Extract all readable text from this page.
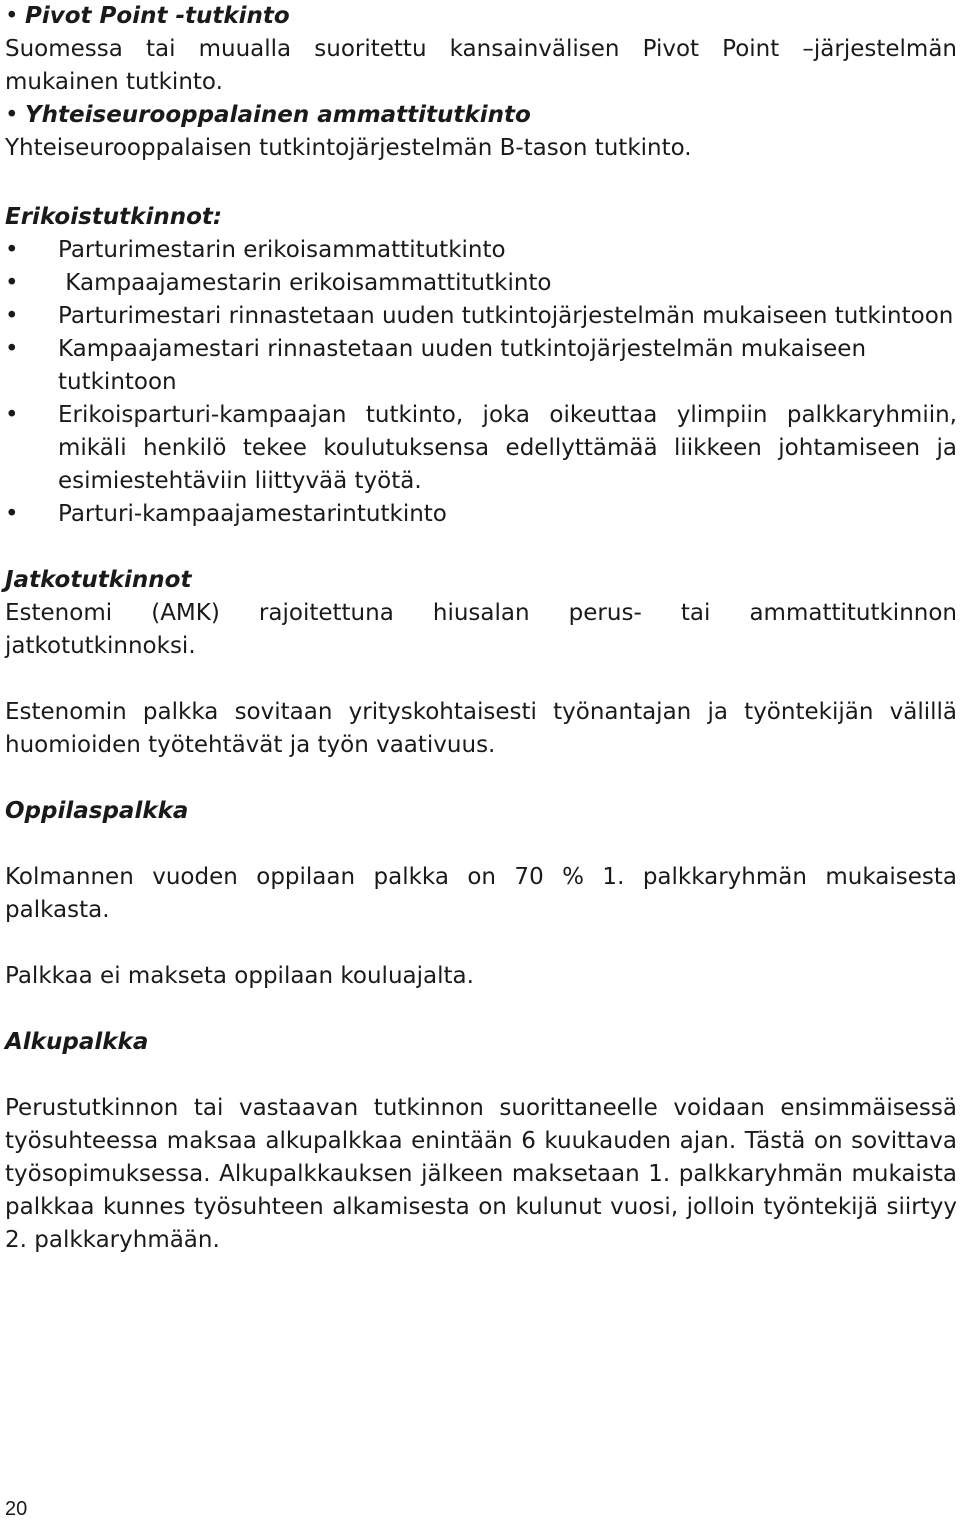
• Pivot Point -tutkinto

Suomessa tai muualla suoritettu kansainvälisen Pivot Point –järjestelmän mukainen tutkinto.

• Yhteiseurooppalainen ammattitutkinto

Yhteiseurooppalaisen tutkintojärjestelmän B-tason tutkinto.

Erikoistutkinnot:

• Parturimestarin erikoisammattitutkinto

• Kampaajamestarin erikoisammattitutkinto

• Parturimestari rinnastetaan uuden tutkintojärjestelmän mukaiseen tutkintoon

• Kampaajamestari rinnastetaan uuden tutkintojärjestelmän mukaiseen tutkintoon

• Erikoisparturi-kampaajan tutkinto, joka oikeuttaa ylimpiin palkkaryhmiin, mikäli henkilö tekee koulutuksensa edellyttämää liikkeen johtamiseen ja esimiestehtäviin liittyvää työtä.

• Parturi-kampaajamestarintutkinto

Jatkotutkinnot

Estenomi (AMK) rajoitettuna hiusalan perus- tai ammattitutkinnon jatkotutkinnoksi.

Estenomin palkka sovitaan yrityskohtaisesti työnantajan ja työntekijän välillä huomioiden työtehtävät ja työn vaativuus.

Oppilaspalkka

Kolmannen vuoden oppilaan palkka on 70 % 1. palkkaryhmän mukaisesta palkasta.

Palkkaa ei makseta oppilaan kouluajalta.

Alkupalkka

Perustutkinnon tai vastaavan tutkinnon suorittaneelle voidaan ensimmäisessä työsuhteessa maksaa alkupalkkaa enintään 6 kuukauden ajan. Tästä on sovittava työsopimuksessa. Alkupalkkauksen jälkeen maksetaan 1. palkkaryhmän mukaista palkkaa kunnes työsuhteen alkamisesta on kulunut vuosi, jolloin työntekijä siirtyy 2. palkkaryhmään.

20
